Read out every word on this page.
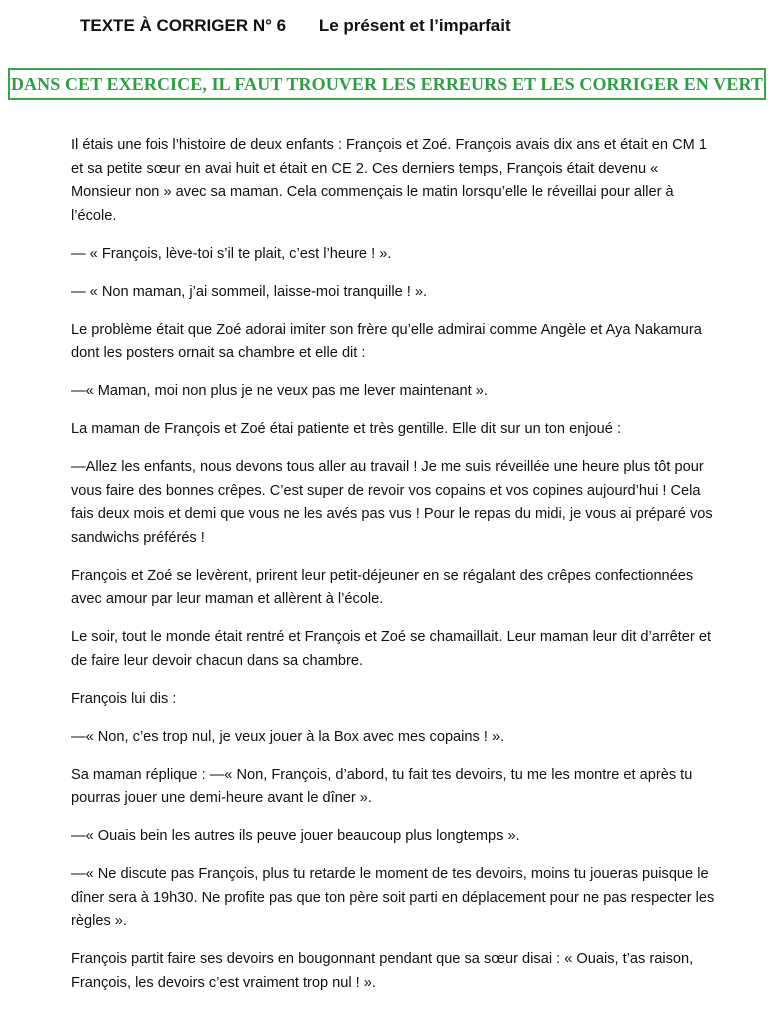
TEXTE À CORRIGER N° 6 Le présent et l’imparfait
DANS CET EXERCICE, IL FAUT TROUVER LES ERREURS ET LES CORRIGER EN VERT

Il étais une fois l’histoire de deux enfants : François et Zoé. François avais dix ans et était en CM 1 et sa petite sœur en avai huit et était en CE 2. Ces derniers temps, François était devenu « Monsieur non » avec sa maman. Cela commençais le matin lorsqu’elle le réveillai pour aller à l’école.

— « François, lève-toi s’il te plait, c’est l’heure ! ».

— « Non maman, j’ai sommeil, laisse-moi tranquille ! ».

Le problème était que Zoé adorai imiter son frère qu’elle admirai comme Angèle et Aya Nakamura dont les posters ornait sa chambre et elle dit :

—« Maman, moi non plus je ne veux pas me lever maintenant ».

La maman de François et Zoé étai patiente et très gentille. Elle dit sur un ton enjoué :

—Allez les enfants, nous devons tous aller au travail ! Je me suis réveillée une heure plus tôt pour vous faire des bonnes crêpes. C’est super de revoir vos copains et vos copines aujourd’hui ! Cela fais deux mois et demi que vous ne les avés pas vus ! Pour le repas du midi, je vous ai préparé vos sandwichs préférés !

François et Zoé se levèrent, prirent leur petit-déjeuner en se régalant des crêpes confectionnées avec amour par leur maman et allèrent à l’école.

Le soir, tout le monde était rentré et François et Zoé se chamaillait. Leur maman leur dit d’arrêter et de faire leur devoir chacun dans sa chambre.

François lui dis :

—« Non, c’es trop nul, je veux jouer à la Box avec mes copains ! ».

Sa maman réplique : —« Non, François, d’abord, tu fait tes devoirs, tu me les montre et après tu pourras jouer une demi-heure avant le dîner ».

—« Ouais bein les autres ils peuve jouer beaucoup plus longtemps ».

—« Ne discute pas François, plus tu retarde le moment de tes devoirs, moins tu joueras puisque le dîner sera à 19h30. Ne profite pas que ton père soit parti en déplacement pour ne pas respecter les règles ».

François partit faire ses devoirs en bougonnant pendant que sa sœur disai : « Ouais, t’as raison, François, les devoirs c’est vraiment trop nul ! ».
